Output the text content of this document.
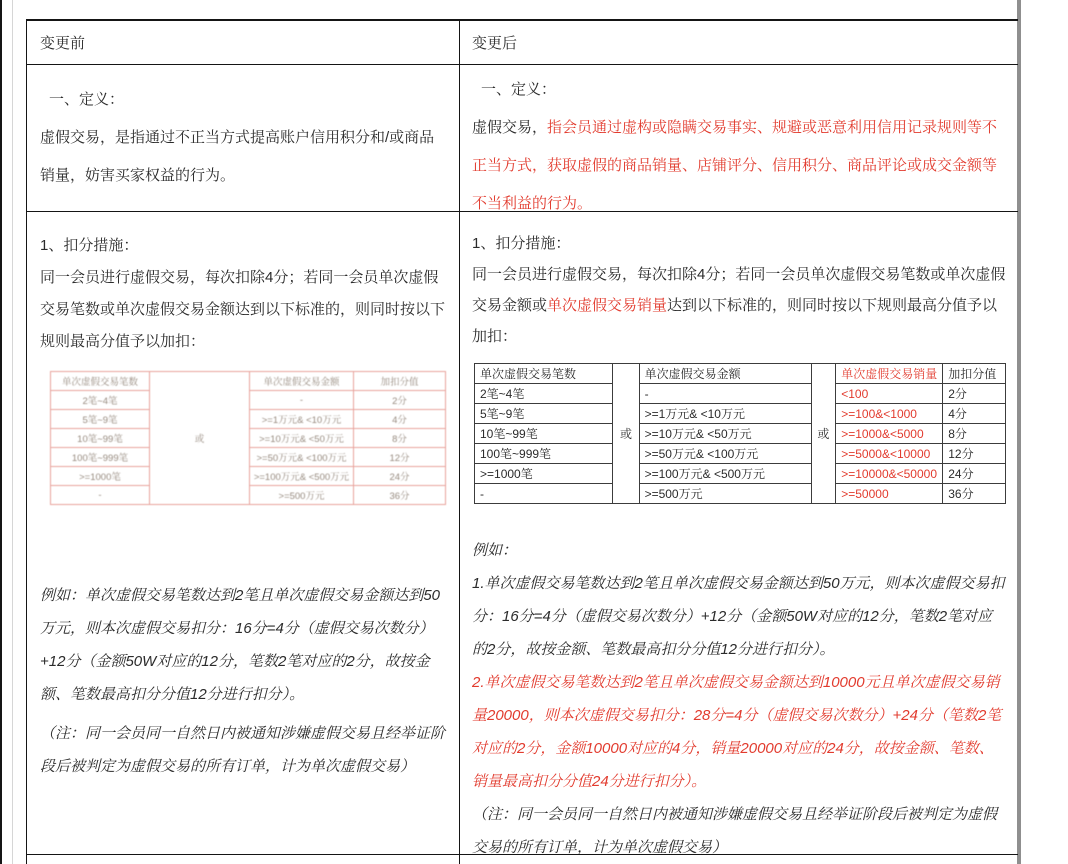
变更前	变更后

一、定义：

虚假交易，是指通过不正当方式提高账户信用积分和/或商品销量，妨害买家权益的行为。

一、定义：

虚假交易，指会员通过虚构或隐瞒交易事实、规避或恶意利用信用记录规则等不正当方式，获取虚假的商品销量、店铺评分、信用积分、商品评论或成交金额等不当利益的行为。

1、扣分措施：

同一会员进行虚假交易，每次扣除4分；若同一会员单次虚假交易笔数或单次虚假交易金额达到以下标准的，则同时按以下规则最高分值予以加扣：

单次虚假交易笔数	或	单次虚假交易金额	加扣分值
2笔~4笔		-	2分
5笔~9笔		>=1万元& <10万元	4分
10笔~99笔		>=10万元& <50万元	8分
100笔~999笔		>=50万元& <100万元	12分
>=1000笔		>=100万元& <500万元	24分
-		>=500万元	36分

例如：单次虚假交易笔数达到2笔且单次虚假交易金额达到50万元，则本次虚假交易扣分：16分=4分（虚假交易次数分）+12分（金额50W对应的12分，笔数2笔对应的2分，故按金额、笔数最高扣分分值12分进行扣分）。

（注：同一会员同一自然日内被通知涉嫌虚假交易且经举证阶段后被判定为虚假交易的所有订单，计为单次虚假交易）

1、扣分措施：

同一会员进行虚假交易，每次扣除4分；若同一会员单次虚假交易笔数或单次虚假交易金额或单次虚假交易销量达到以下标准的，则同时按以下规则最高分值予以加扣：

单次虚假交易笔数	或	单次虚假交易金额	或	单次虚假交易销量	加扣分值
2笔~4笔		-		<100	2分
5笔~9笔		>=1万元& <10万元		>=100&<1000	4分
10笔~99笔		>=10万元& <50万元		>=1000&<5000	8分
100笔~999笔		>=50万元& <100万元		>=5000&<10000	12分
>=1000笔		>=100万元& <500万元		>=10000&<50000	24分
-		>=500万元		>=50000	36分

例如：

1.单次虚假交易笔数达到2笔且单次虚假交易金额达到50万元，则本次虚假交易扣分：16分=4分（虚假交易次数分）+12分（金额50W对应的12分，笔数2笔对应的2分，故按金额、笔数最高扣分分值12分进行扣分）。

2.单次虚假交易笔数达到2笔且单次虚假交易金额达到10000元且单次虚假交易销量20000，则本次虚假交易扣分：28分=4分（虚假交易次数分）+24分（笔数2笔对应的2分，金额10000对应的4分，销量20000对应的24分，故按金额、笔数、销量最高扣分分值24分进行扣分）。

（注：同一会员同一自然日内被通知涉嫌虚假交易且经举证阶段后被判定为虚假交易的所有订单，计为单次虚假交易）
